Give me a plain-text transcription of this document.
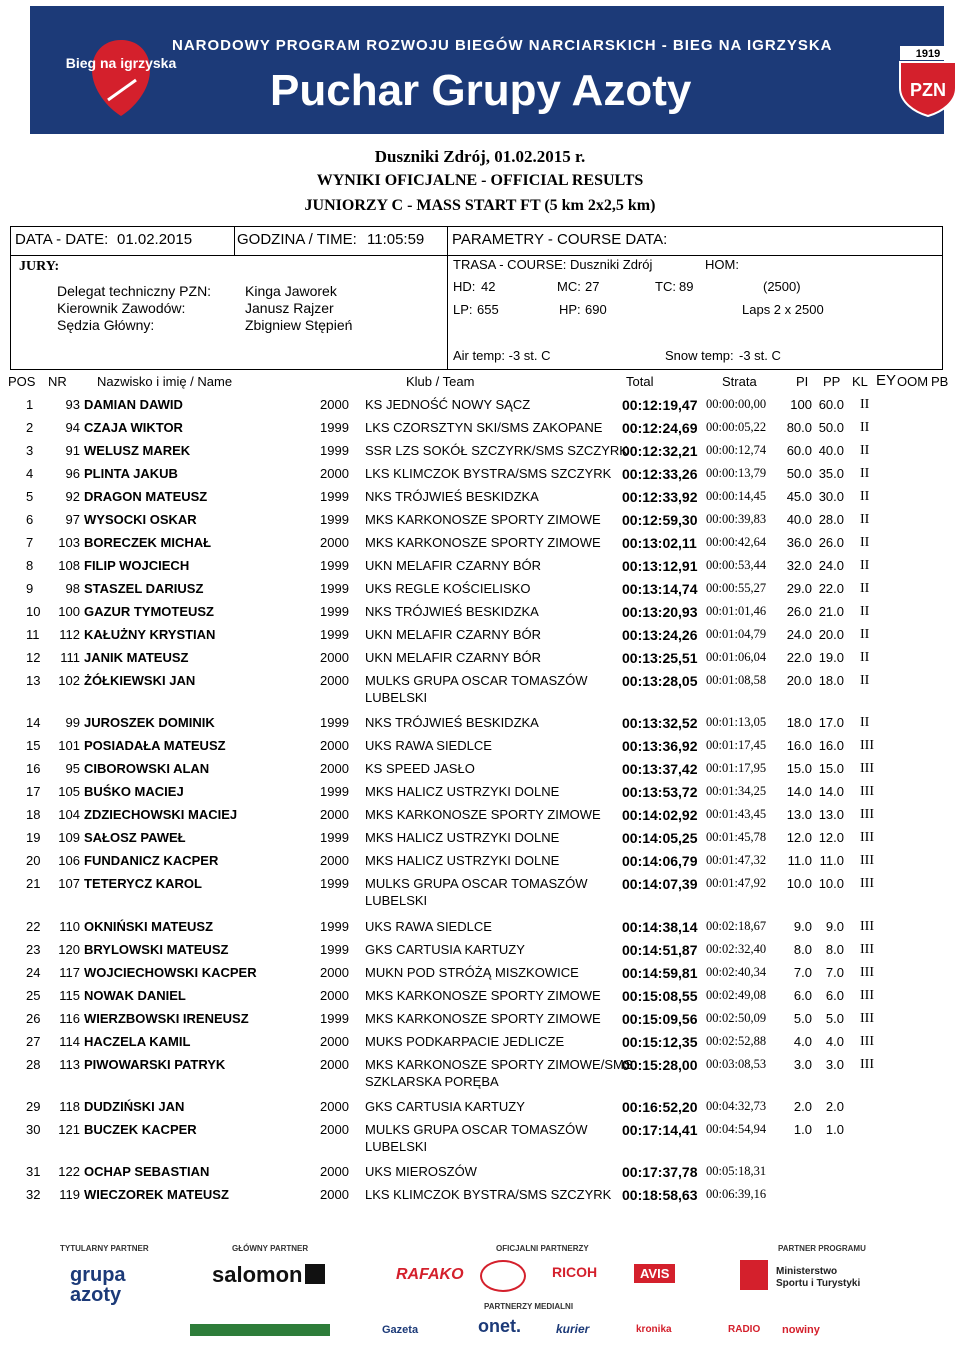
Bieg na igrzyska
NARODOWY PROGRAM ROZWOJU BIEGÓW NARCIARSKICH - BIEG NA IGRZYSKA
Puchar Grupy Azoty
1919
PZN
Duszniki Zdrój, 01.02.2015 r.
WYNIKI OFICJALNE - OFFICIAL RESULTS
JUNIORZY C - MASS START FT (5 km 2x2,5 km)
DATA - DATE: 01.02.2015	GODZINA / TIME: 11:05:59 PARAMETRY - COURSE DATA:
JURY:
Delegat techniczny PZN: Kinga Jaworek
Kierownik Zawodów:	Janusz Rajzer
Sędzia Główny:	Zbigniew Stępień
TRASA - COURSE: Duszniki Zdrój	HOM:
HD: 42	MC: 27	TC: 89	(2500)
LP: 655	HP: 690	Laps 2 x 2500
Air temp: -3 st. C	Snow temp: -3 st. C
POS NR Nazwisko i imię / Name	Klub / Team	Total	Strata	PI PP KL EY OOM PB
1	93 DAMIAN DAWID	2000 KS JEDNOŚĆ NOWY SĄCZ	00:12:19,47 00:00:00,00	100 60.0 II
2	94 CZAJA WIKTOR	1999 LKS CZORSZTYN SKI/SMS ZAKOPANE 00:12:24,69 00:00:05,22 80.0 50.0 II
3	91 WELUSZ MAREK	1999 SSR LZS SOKÓŁ SZCZYRK/SMS SZCZYRK
00:12:32,21 00:00:12,74 60.0 40.0 II
4	96 PLINTA JAKUB	2000 LKS KLIMCZOK BYSTRA/SMS SZCZYRK 00:12:33,26 00:00:13,79 50.0 35.0 II
5	92 DRAGON MATEUSZ	1999 NKS TRÓJWIEŚ BESKIDZKA	00:12:33,92 00:00:14,45 45.0 30.0 II
6	97 WYSOCKI OSKAR	1999 MKS KARKONOSZE SPORTY ZIMOWE 00:12:59,30 00:00:39,83 40.0 28.0 II
7	103 BORECZEK MICHAŁ	2000 MKS KARKONOSZE SPORTY ZIMOWE 00:13:02,11 00:00:42,64 36.0 26.0 II
8	108 FILIP WOJCIECH	1999 UKN MELAFIR CZARNY BÓR	00:13:12,91 00:00:53,44 32.0 24.0 II
9	98 STASZEL DARIUSZ	1999 UKS REGLE KOŚCIELISKO	00:13:14,74 00:00:55,27 29.0 22.0 II
10	100 GAZUR TYMOTEUSZ	1999 NKS TRÓJWIEŚ BESKIDZKA	00:13:20,93 00:01:01,46 26.0 21.0 II
11	112 KAŁUŻNY KRYSTIAN	1999 UKN MELAFIR CZARNY BÓR	00:13:24,26 00:01:04,79 24.0 20.0 II
12	111 JANIK MATEUSZ	2000 UKN MELAFIR CZARNY BÓR	00:13:25,51 00:01:06,04 22.0 19.0 II
13	102 ŻÓŁKIEWSKI JAN	2000 MULKS GRUPA OSCAR TOMASZÓW
LUBELSKI
00:13:28,05 00:01:08,58 20.0 18.0 II
14	99 JUROSZEK DOMINIK	1999 NKS TRÓJWIEŚ BESKIDZKA	00:13:32,52 00:01:13,05 18.0 17.0 II
15	101 POSIADAŁA MATEUSZ	2000 UKS RAWA SIEDLCE	00:13:36,92 00:01:17,45 16.0 16.0 III
16	95 CIBOROWSKI ALAN	2000 KS SPEED JASŁO	00:13:37,42 00:01:17,95 15.0 15.0 III
17	105 BUŚKO MACIEJ	1999 MKS HALICZ USTRZYKI DOLNE	00:13:53,72 00:01:34,25 14.0 14.0 III
18	104 ZDZIECHOWSKI MACIEJ	2000 MKS KARKONOSZE SPORTY ZIMOWE 00:14:02,92 00:01:43,45 13.0 13.0 III
19	109 SAŁOSZ PAWEŁ	1999 MKS HALICZ USTRZYKI DOLNE	00:14:05,25 00:01:45,78 12.0 12.0 III
20	106 FUNDANICZ KACPER	2000 MKS HALICZ USTRZYKI DOLNE	00:14:06,79 00:01:47,32 11.0 11.0 III
21	107 TETERYCZ KAROL	1999 MULKS GRUPA OSCAR TOMASZÓW
LUBELSKI
00:14:07,39 00:01:47,92 10.0 10.0 III
22	110 OKNIŃSKI MATEUSZ	1999 UKS RAWA SIEDLCE	00:14:38,14 00:02:18,67	9.0	9.0 III
23	120 BRYLOWSKI MATEUSZ	1999 GKS CARTUSIA KARTUZY	00:14:51,87 00:02:32,40	8.0	8.0 III
24	117 WOJCIECHOWSKI KACPER	2000 MUKN POD STRÓŻĄ MISZKOWICE	00:14:59,81 00:02:40,34	7.0	7.0 III
25	115 NOWAK DANIEL	2000 MKS KARKONOSZE SPORTY ZIMOWE 00:15:08,55 00:02:49,08	6.0	6.0 III
26	116 WIERZBOWSKI IRENEUSZ	1999 MKS KARKONOSZE SPORTY ZIMOWE 00:15:09,56 00:02:50,09	5.0	5.0 III
27	114 HACZELA KAMIL	2000 MUKS PODKARPACIE JEDLICZE	00:15:12,35 00:02:52,88	4.0	4.0 III
28	113 PIWOWARSKI PATRYK	2000 MKS KARKONOSZE SPORTY ZIMOWE/SMS
SZKLARSKA PORĘBA
00:15:28,00 00:03:08,53	3.0	3.0 III
29	118 DUDZIŃSKI JAN	2000 GKS CARTUSIA KARTUZY	00:16:52,20 00:04:32,73	2.0	2.0
30	121 BUCZEK KACPER	2000 MULKS GRUPA OSCAR TOMASZÓW
LUBELSKI
00:17:14,41 00:04:54,94	1.0	1.0
31	122 OCHAP SEBASTIAN	2000 UKS MIEROSZÓW	00:17:37,78 00:05:18,31
32	119 WIECZOREK MATEUSZ	2000 LKS KLIMCZOK BYSTRA/SMS SZCZYRK 00:18:58,63 00:06:39,16
TYTULARNY PARTNER	GŁÓWNY PARTNER	OFICJALNI PARTNERZY	PARTNER PROGRAMU
PARTNERZY MEDIALNI
grupa
azoty
salomon	RAFAKO	RICOH	AVIS	Ministerstwo
Sportu i Turystyki
Gazeta	onet.	kurier	kronika	RADIO nowiny
